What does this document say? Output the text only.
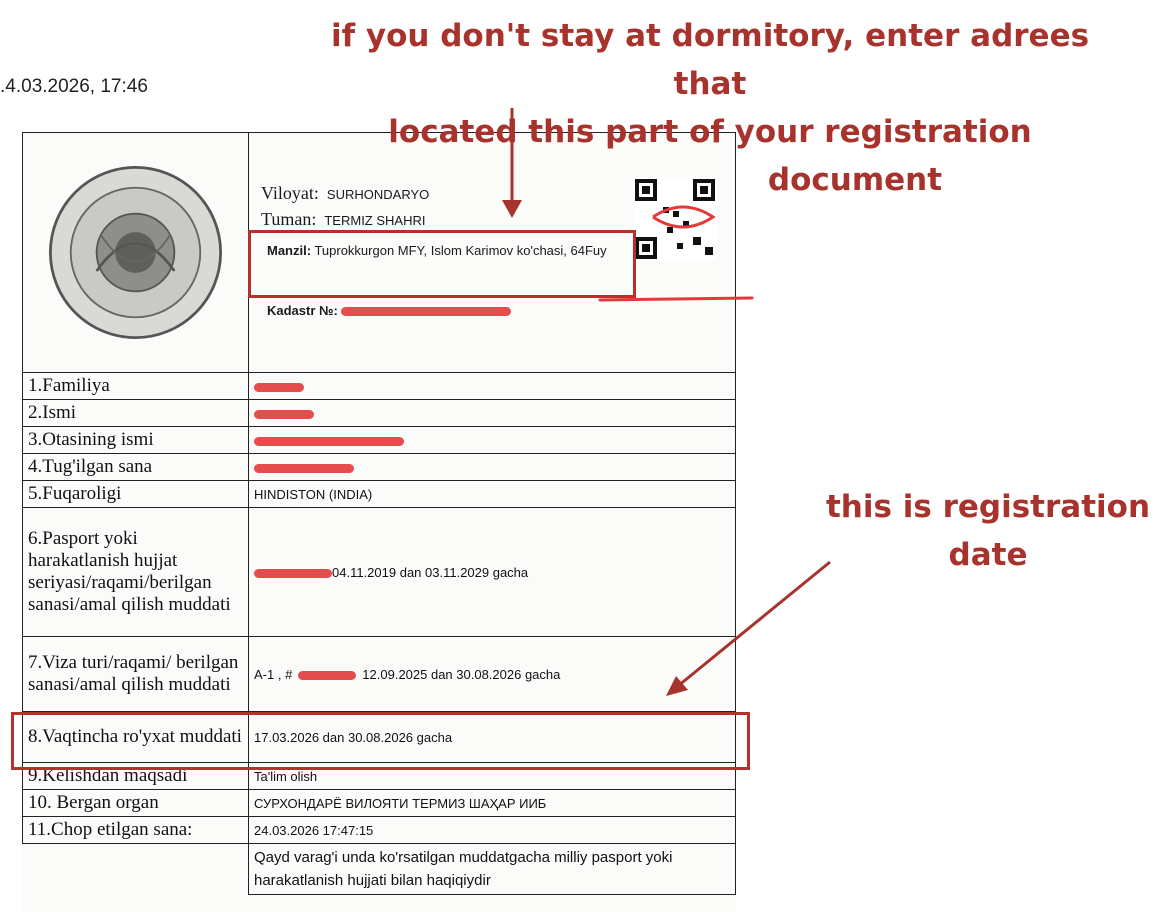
.4.03.2026, 17:46

Viloyat: SURHONDARYO
Tuman: TERMIZ SHAHRI
Manzil: Tuprokkurgon MFY, Islom Karimov ko'chasi, 64Fuy
Kadastr №:

1.Familiya	
2.Ismi	
3.Otasining ismi	
4.Tug'ilgan sana	
5.Fuqaroligi	HINDISTON (INDIA)
6.Pasport yoki harakatlanish hujjat seriyasi/raqami/berilgan sanasi/amal qilish muddati	04.11.2019 dan 03.11.2029 gacha
7.Viza turi/raqami/ berilgan sanasi/amal qilish muddati	A-1 , # 12.09.2025 dan 30.08.2026 gacha
8.Vaqtincha ro'yxat muddati	17.03.2026 dan 30.08.2026 gacha
9.Kelishdan maqsadi	Ta'lim olish
10. Bergan organ	СУРХОНДАРЁ ВИЛОЯТИ ТЕРМИЗ ШАҲАР ИИБ
11.Chop etilgan sana:	24.03.2026 17:47:15
	Qayd varag'i unda ko'rsatilgan muddatgacha milliy pasport yoki harakatlanish hujjati bilan haqiqiydir
if you don't stay at dormitory, enter adrees that
located this part of your registration
document
this is registration
date
